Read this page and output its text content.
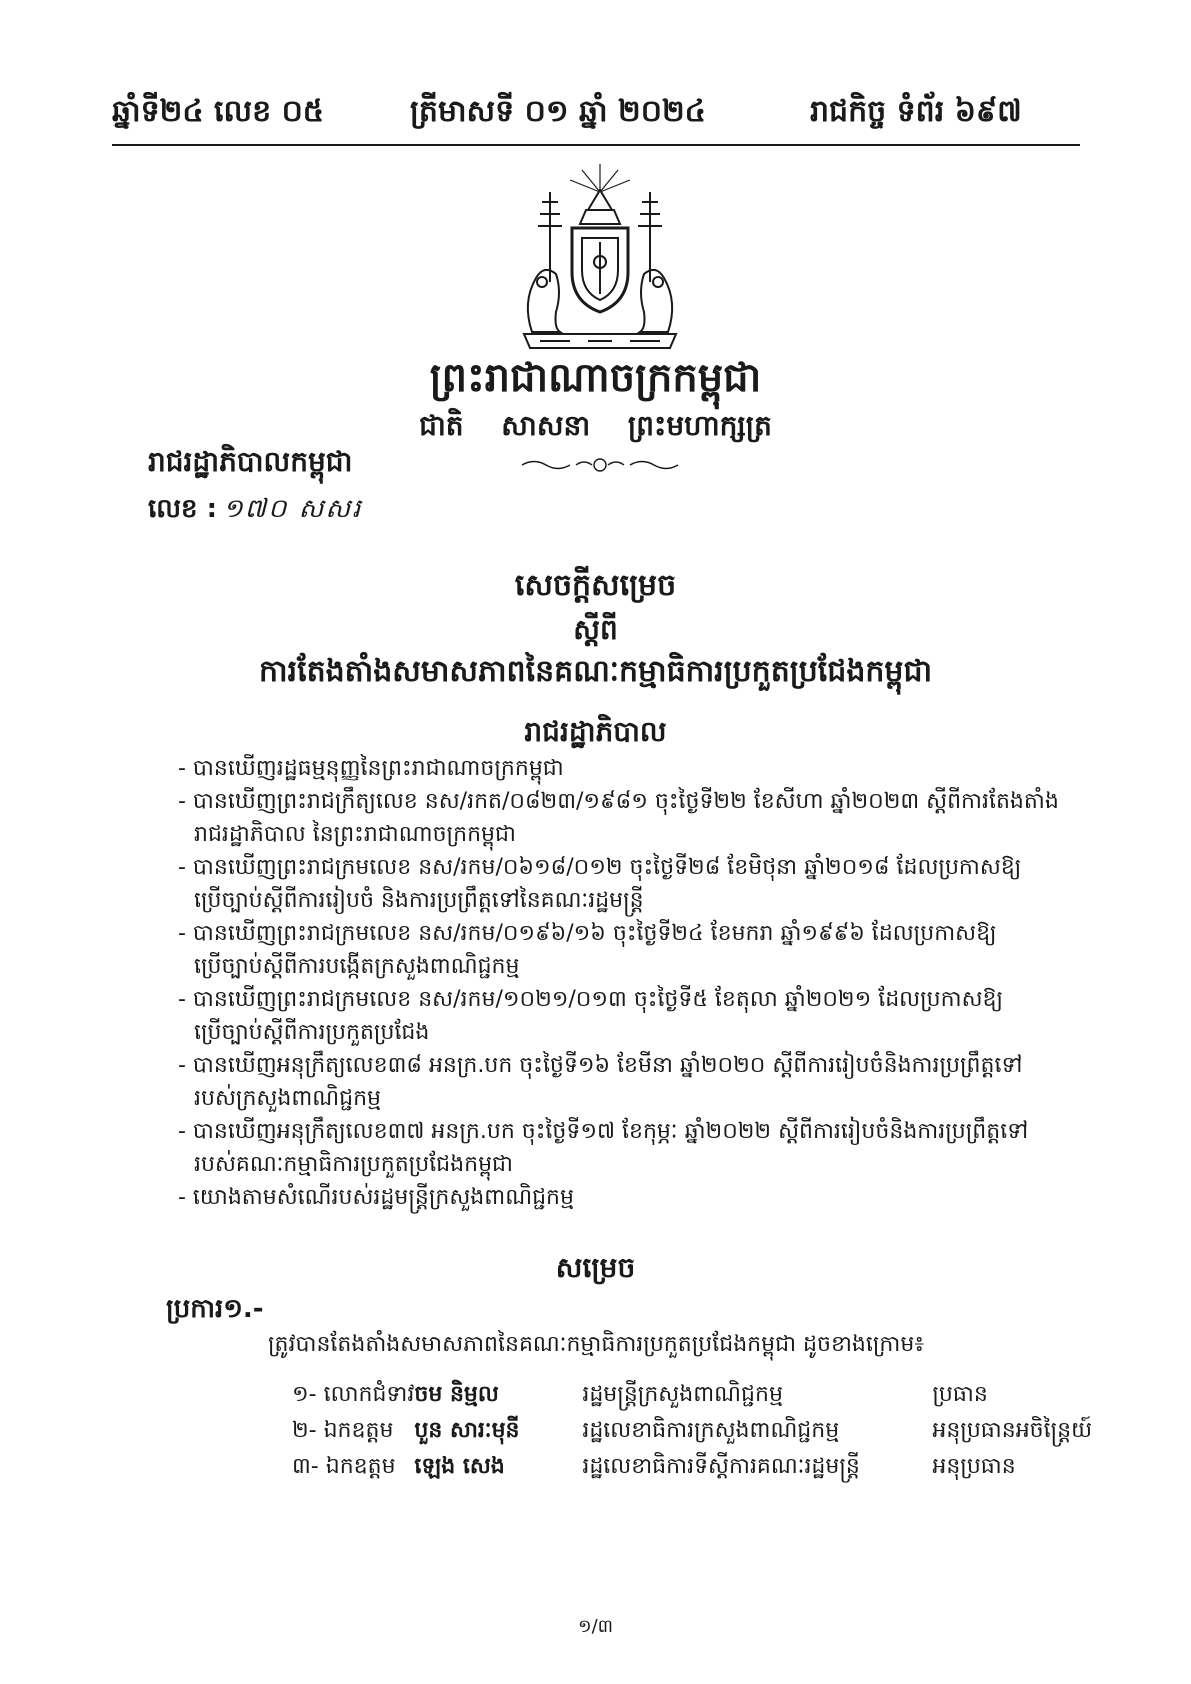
ឆ្នាំទី២៤ លេខ ០៥	ត្រីមាសទី ០១ ឆ្នាំ ២០២៤	រាជកិច្ច ទំព័រ ៦៩៧
ព្រះរាជាណាចក្រកម្ពុជា
ជាតិ សាសនា ព្រះមហាក្សត្រ
រាជរដ្ឋាភិបាលកម្ពុជា
លេខ : ១៧០ សសរ
សេចក្តីសម្រេច
ស្តីពី
ការតែងតាំងសមាសភាពនៃគណៈកម្មាធិការប្រកួតប្រជែងកម្ពុជា
រាជរដ្ឋាភិបាល
- បានឃើញរដ្ឋធម្មនុញ្ញនៃព្រះរាជាណាចក្រកម្ពុជា
- បានឃើញព្រះរាជក្រឹត្យលេខ នស/រកត/០៨២៣/១៩៨១ ចុះថ្ងៃទី២២ ខែសីហា ឆ្នាំ២០២៣ ស្តីពីការតែងតាំង
រាជរដ្ឋាភិបាល នៃព្រះរាជាណាចក្រកម្ពុជា
- បានឃើញព្រះរាជក្រមលេខ នស/រកម/០៦១៨/០១២ ចុះថ្ងៃទី២៨ ខែមិថុនា ឆ្នាំ២០១៨ ដែលប្រកាសឱ្យ
ប្រើច្បាប់ស្តីពីការរៀបចំ និងការប្រព្រឹត្តទៅនៃគណៈរដ្ឋមន្ត្រី
- បានឃើញព្រះរាជក្រមលេខ នស/រកម/០១៩៦/១៦ ចុះថ្ងៃទី២៤ ខែមករា ឆ្នាំ១៩៩៦ ដែលប្រកាសឱ្យ
ប្រើច្បាប់ស្តីពីការបង្កើតក្រសួងពាណិជ្ជកម្ម
- បានឃើញព្រះរាជក្រមលេខ នស/រកម/១០២១/០១៣ ចុះថ្ងៃទី៥ ខែតុលា ឆ្នាំ២០២១ ដែលប្រកាសឱ្យ
ប្រើច្បាប់ស្តីពីការប្រកួតប្រជែង
- បានឃើញអនុក្រឹត្យលេខ៣៨ អនក្រ.បក ចុះថ្ងៃទី១៦ ខែមីនា ឆ្នាំ២០២០ ស្តីពីការរៀបចំនិងការប្រព្រឹត្តទៅ
របស់ក្រសួងពាណិជ្ជកម្ម
- បានឃើញអនុក្រឹត្យលេខ៣៧ អនក្រ.បក ចុះថ្ងៃទី១៧ ខែកុម្ភៈ ឆ្នាំ២០២២ ស្តីពីការរៀបចំនិងការប្រព្រឹត្តទៅ
របស់គណៈកម្មាធិការប្រកួតប្រជែងកម្ពុជា
- យោងតាមសំណើរបស់រដ្ឋមន្ត្រីក្រសួងពាណិជ្ជកម្ម
សម្រេច
ប្រការ១.-
ត្រូវបានតែងតាំងសមាសភាពនៃគណៈកម្មាធិការប្រកួតប្រជែងកម្ពុជា ដូចខាងក្រោម៖
១- លោកជំទាវ	ចម និម្មល	រដ្ឋមន្ត្រីក្រសួងពាណិជ្ជកម្ម	ប្រធាន
២- ឯកឧត្តម	បួន សារៈមុនី	រដ្ឋលេខាធិការក្រសួងពាណិជ្ជកម្ម	អនុប្រធានអចិន្ត្រៃយ៍
៣- ឯកឧត្តម	ឡេង សេង	រដ្ឋលេខាធិការទីស្តីការគណៈរដ្ឋមន្ត្រី	អនុប្រធាន
១/៣
